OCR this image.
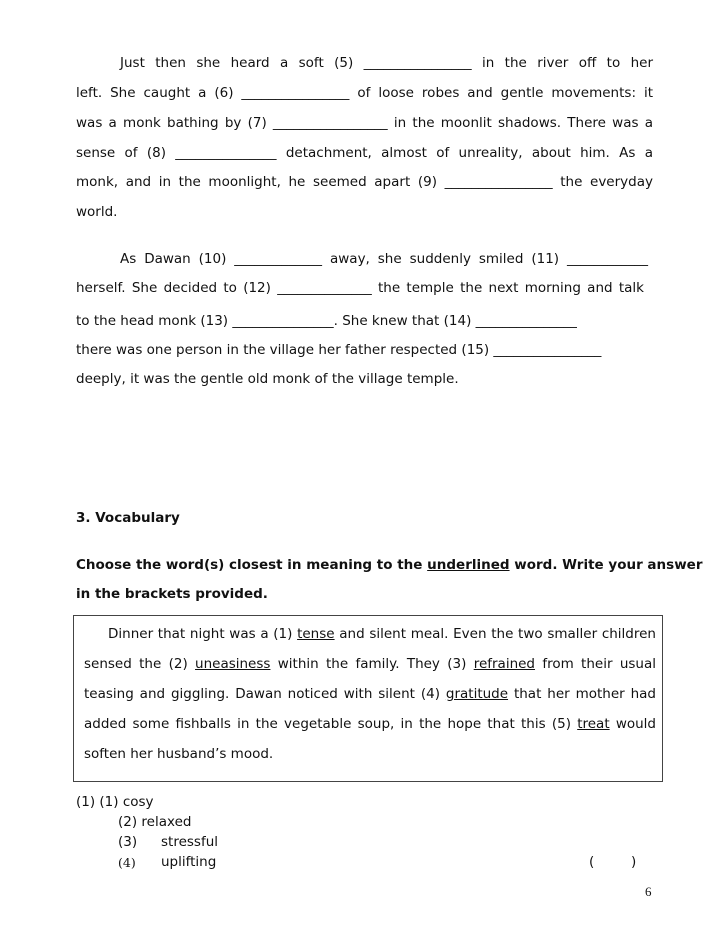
Just then she heard a soft (5) ________________ in the river off to her
left. She caught a (6) ________________ of loose robes and gentle movements: it
was a monk bathing by (7) _________________ in the moonlit shadows. There was a
sense of (8) _______________ detachment, almost of unreality, about him. As a
monk, and in the moonlight, he seemed apart (9) ________________ the everyday
world.
As Dawan (10) _____________ away, she suddenly smiled (11) ____________
herself. She decided to (12) ______________ the temple the next morning and talk
to the head monk (13) _______________. She knew that (14) _______________
there was one person in the village her father respected (15) ________________
deeply, it was the gentle old monk of the village temple.
3. Vocabulary
Choose the word(s) closest in meaning to the underlined word. Write your answer
in the brackets provided.
Dinner that night was a (1) tense and silent meal. Even the two smaller children
sensed the (2) uneasiness within the family. They (3) refrained from their usual
teasing and giggling. Dawan noticed with silent (4) gratitude that her mother had
added some fishballs in the vegetable soup, in the hope that this (5) treat would
soften her husband’s mood.
(1) (1) cosy
(2) relaxed
(3) stressful
(4) uplifting	(	)
6
